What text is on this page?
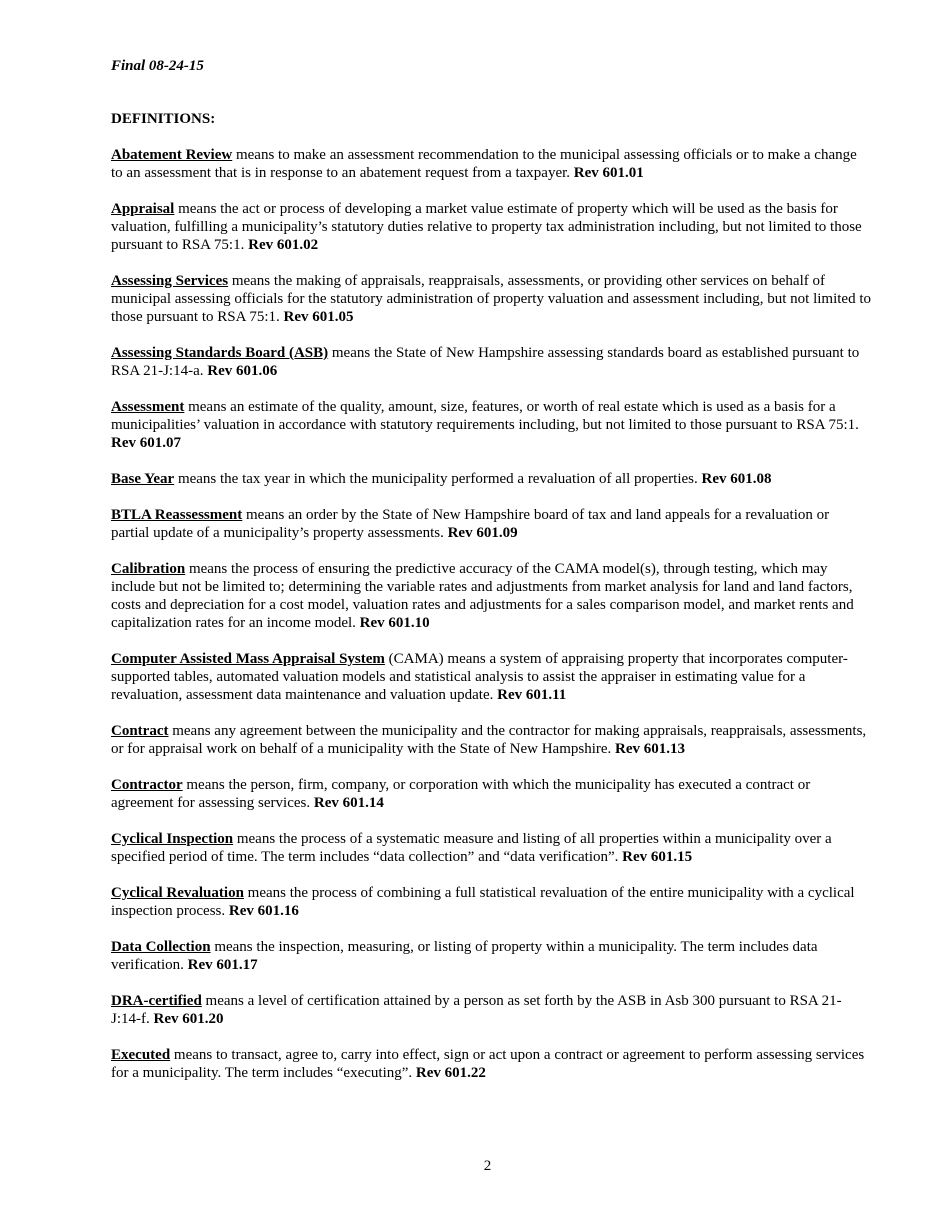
Final 08-24-15
DEFINITIONS:

Abatement Review means to make an assessment recommendation to the municipal assessing officials or to make a change to an assessment that is in response to an abatement request from a taxpayer. Rev 601.01

Appraisal means the act or process of developing a market value estimate of property which will be used as the basis for valuation, fulfilling a municipality’s statutory duties relative to property tax administration including, but not limited to those pursuant to RSA 75:1. Rev 601.02

Assessing Services means the making of appraisals, reappraisals, assessments, or providing other services on behalf of municipal assessing officials for the statutory administration of property valuation and assessment including, but not limited to those pursuant to RSA 75:1. Rev 601.05

Assessing Standards Board (ASB) means the State of New Hampshire assessing standards board as established pursuant to RSA 21-J:14-a. Rev 601.06

Assessment means an estimate of the quality, amount, size, features, or worth of real estate which is used as a basis for a municipalities’ valuation in accordance with statutory requirements including, but not limited to those pursuant to RSA 75:1. Rev 601.07

Base Year means the tax year in which the municipality performed a revaluation of all properties. Rev 601.08

BTLA Reassessment means an order by the State of New Hampshire board of tax and land appeals for a revaluation or partial update of a municipality’s property assessments. Rev 601.09

Calibration means the process of ensuring the predictive accuracy of the CAMA model(s), through testing, which may include but not be limited to; determining the variable rates and adjustments from market analysis for land and land factors, costs and depreciation for a cost model, valuation rates and adjustments for a sales comparison model, and market rents and capitalization rates for an income model. Rev 601.10

Computer Assisted Mass Appraisal System (CAMA) means a system of appraising property that incorporates computer-supported tables, automated valuation models and statistical analysis to assist the appraiser in estimating value for a revaluation, assessment data maintenance and valuation update. Rev 601.11

Contract means any agreement between the municipality and the contractor for making appraisals, reappraisals, assessments, or for appraisal work on behalf of a municipality with the State of New Hampshire. Rev 601.13

Contractor means the person, firm, company, or corporation with which the municipality has executed a contract or agreement for assessing services. Rev 601.14

Cyclical Inspection means the process of a systematic measure and listing of all properties within a municipality over a specified period of time. The term includes “data collection” and “data verification”. Rev 601.15

Cyclical Revaluation means the process of combining a full statistical revaluation of the entire municipality with a cyclical inspection process. Rev 601.16

Data Collection means the inspection, measuring, or listing of property within a municipality. The term includes data verification. Rev 601.17

DRA-certified means a level of certification attained by a person as set forth by the ASB in Asb 300 pursuant to RSA 21-J:14-f. Rev 601.20

Executed means to transact, agree to, carry into effect, sign or act upon a contract or agreement to perform assessing services for a municipality. The term includes “executing”. Rev 601.22

2
